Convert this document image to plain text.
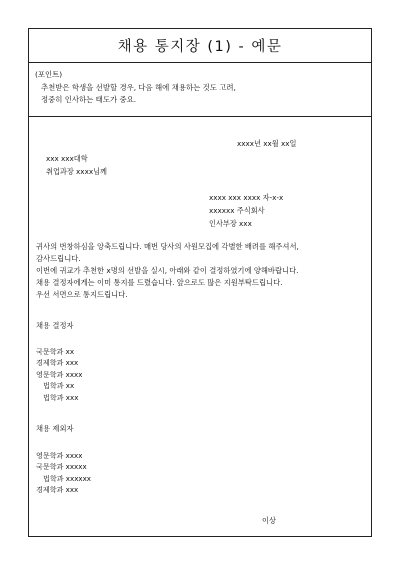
채용 통지장 (1) - 예문
(포인트)
추천받은 학생을 선발할 경우, 다음 해에 채용하는 것도 고려,
정중히 인사하는 태도가 중요.
xxxx년 xx월 xx일
xxx xxx대학
취업과장 xxxx님께
xxxx xxx xxxx 자-x-x
xxxxxx 주식회사
인사부장 xxx
귀사의 번창하심을 앙축드립니다. 매번 당사의 사원모집에 각별한 배려를 해주셔서,
감사드립니다.
이번에 귀교가 추천한 x명의 선발을 실시, 아래와 같이 결정하였기에 양해바랍니다.
채용 결정자에게는 이미 통지를 드렸습니다. 앞으로도 많은 지원부탁드립니다.
우선 서면으로 통지드립니다.
채용 결정자
국문학과 xx
경제학과 xxx
영문학과 xxxx
법학과 xx
법학과 xxx
채용 제외자
영문학과 xxxx
국문학과 xxxxx
법학과 xxxxxx
경제학과 xxx
이상
